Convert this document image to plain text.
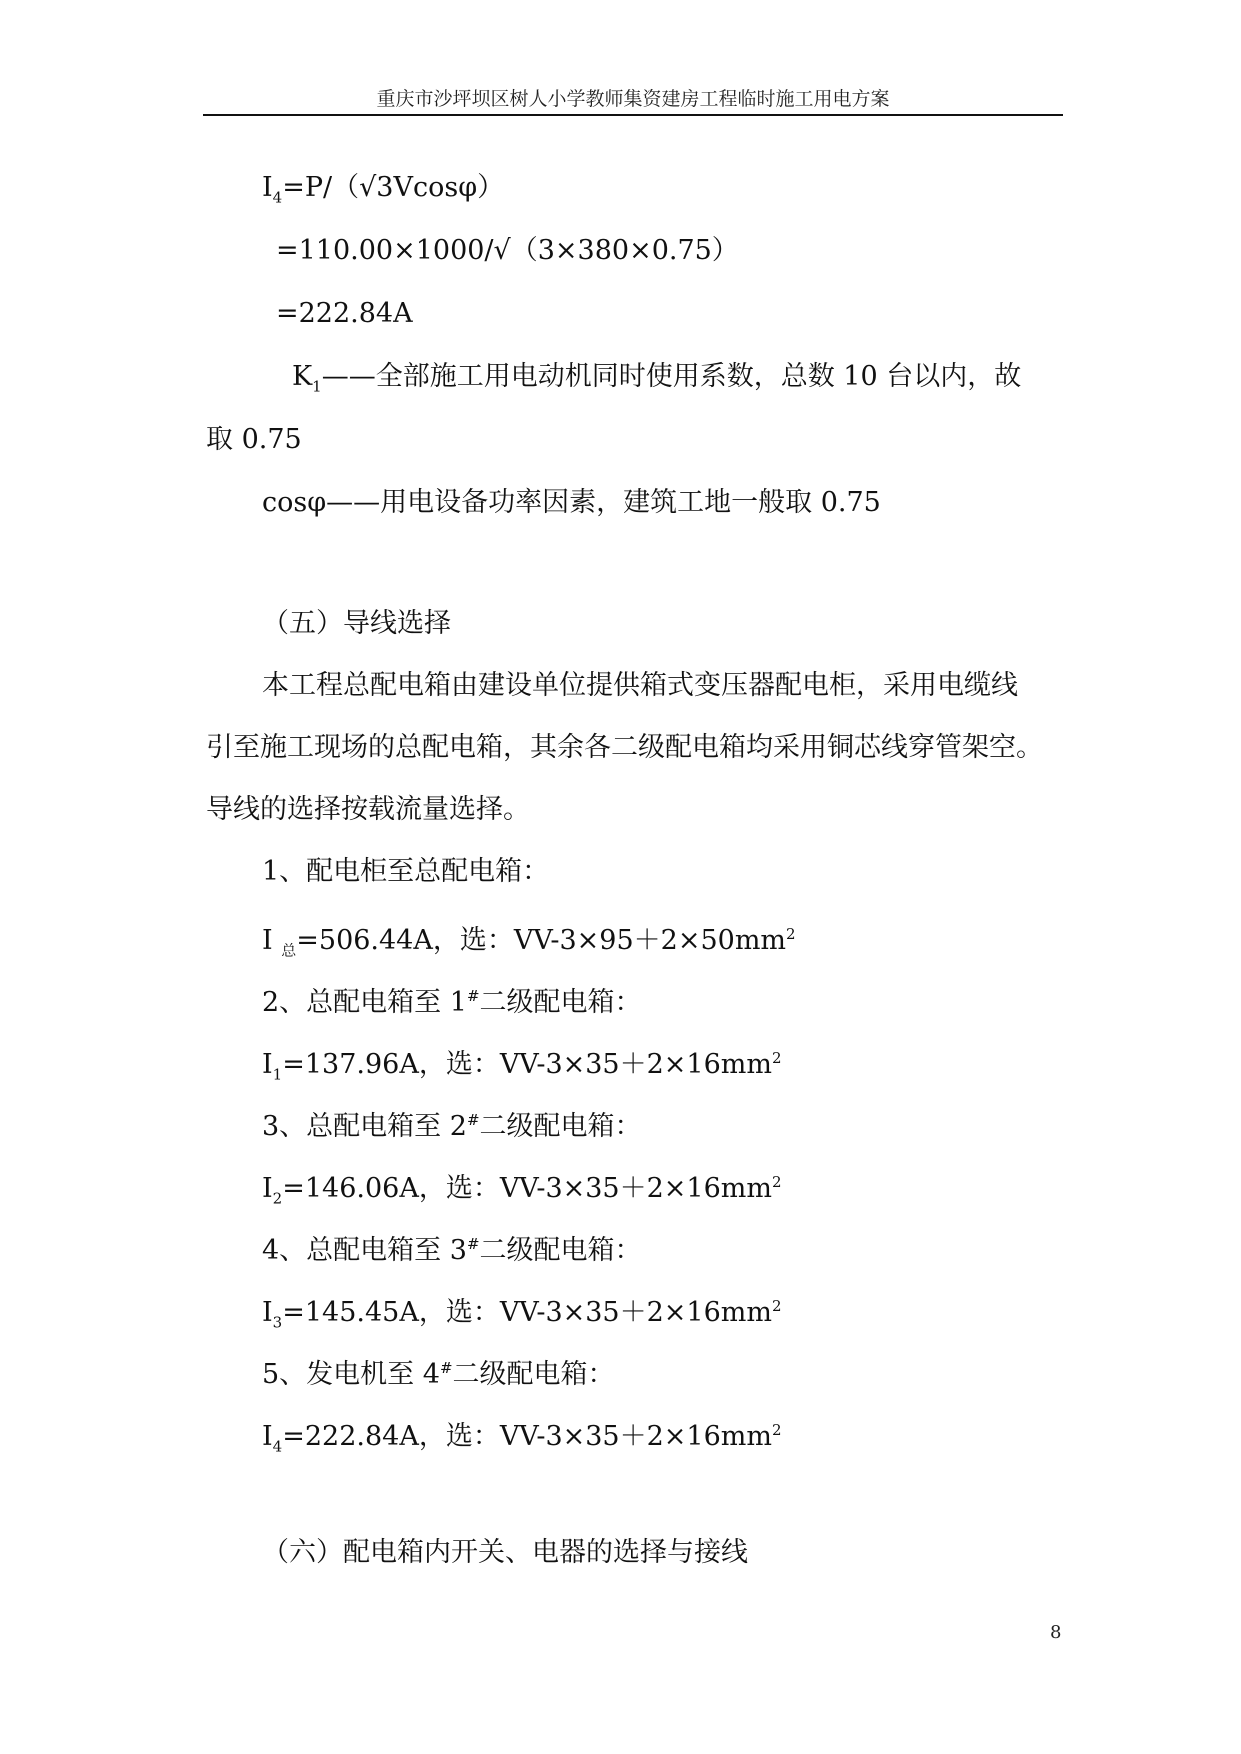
重庆市沙坪坝区树人小学教师集资建房工程临时施工用电方案
$I_4=P/(√3Vcos\varphi)$
=110.00×1000/√（3×380×0.75）
=222.84A
$K_1——$全部施工用电动机同时使用系数，总数 10 台以内，故
取 0.75
cosφ——用电设备功率因素，建筑工地一般取 0.75
（五）导线选择
本工程总配电箱由建设单位提供箱式变压器配电柜，采用电缆线
引至施工现场的总配电箱，其余各二级配电箱均采用铜芯线穿管架空。
导线的选择按载流量选择。
1、配电柜至总配电箱：
I $_总$=506.44A，选：$VV-3\times 95+2\times 50mm^2$
2、总配电箱至 1#二级配电箱：
$I_1=137.96A$，选：$VV-3\times 35+2\times 16mm^2$
3、总配电箱至 2#二级配电箱：
$I_2=146.06A$，选：$VV-3\times 35+2\times 16mm^2$
4、总配电箱至 3#二级配电箱：
$I_3=145.45A$，选：$VV-3\times 35+2\times 16mm^2$
5、发电机至 4#二级配电箱：
$I_4=222.84A$，选：$VV-3\times 35+2\times 16mm^2$
（六）配电箱内开关、电器的选择与接线
8
